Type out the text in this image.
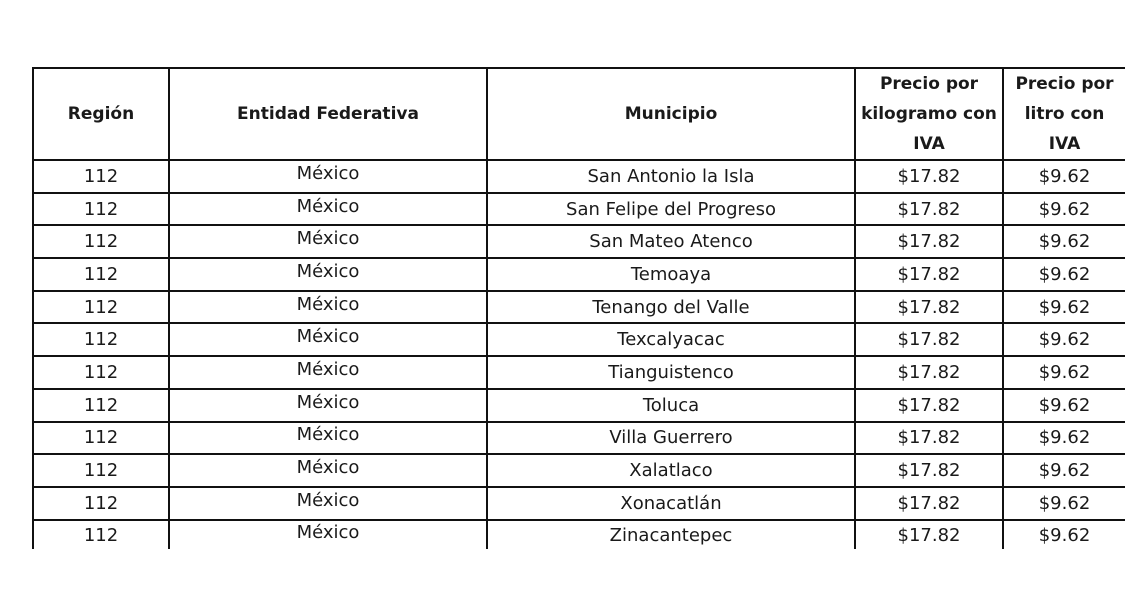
Región	Entidad Federativa	Municipio	Precio por kilogramo con IVA	Precio por litro con IVA
112	México	San Antonio la Isla	$17.82	$9.62
112	México	San Felipe del Progreso	$17.82	$9.62
112	México	San Mateo Atenco	$17.82	$9.62
112	México	Temoaya	$17.82	$9.62
112	México	Tenango del Valle	$17.82	$9.62
112	México	Texcalyacac	$17.82	$9.62
112	México	Tianguistenco	$17.82	$9.62
112	México	Toluca	$17.82	$9.62
112	México	Villa Guerrero	$17.82	$9.62
112	México	Xalatlaco	$17.82	$9.62
112	México	Xonacatlán	$17.82	$9.62
112	México	Zinacantepec	$17.82	$9.62
